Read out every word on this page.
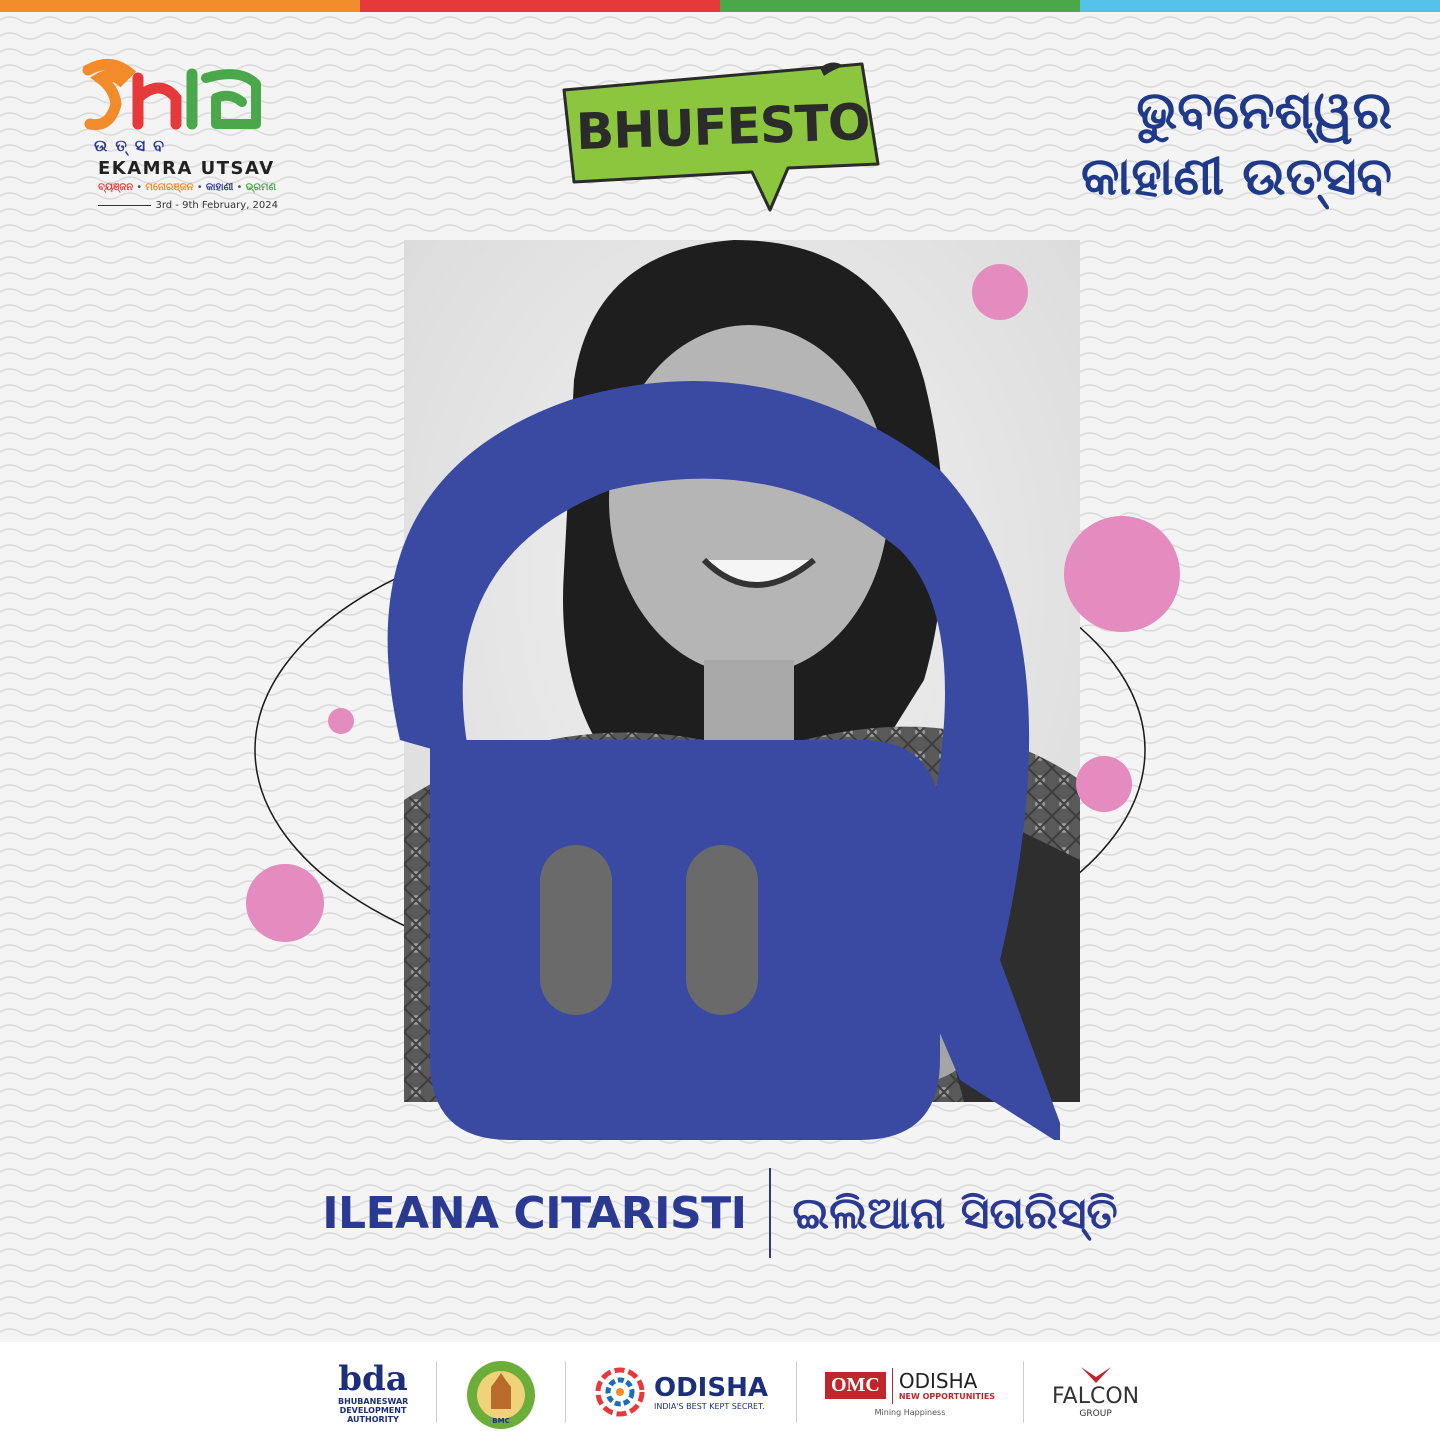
ଉତ୍ସବ
EKAMRA UTSAV
ବ୍ୟଞ୍ଜନ • ମନୋରଞ୍ଜନ • କାହାଣୀ • ଭ୍ରମଣ
3rd - 9th February, 2024
BHUFESTO	ଭୁବନେଶ୍ୱର
କାହାଣୀ ଉତ୍ସବ
ILEANA CITARISTI ଇଲିଆନା ସିତାରିସ୍ତି
bda
BHUBANESWAR DEVELOPMENT AUTHORITY	BMC
ODISHA
INDIA'S BEST KEPT SECRET.
OMC ODISHA
NEW OPPORTUNITIES
Mining Happiness
FALCON
GROUP
